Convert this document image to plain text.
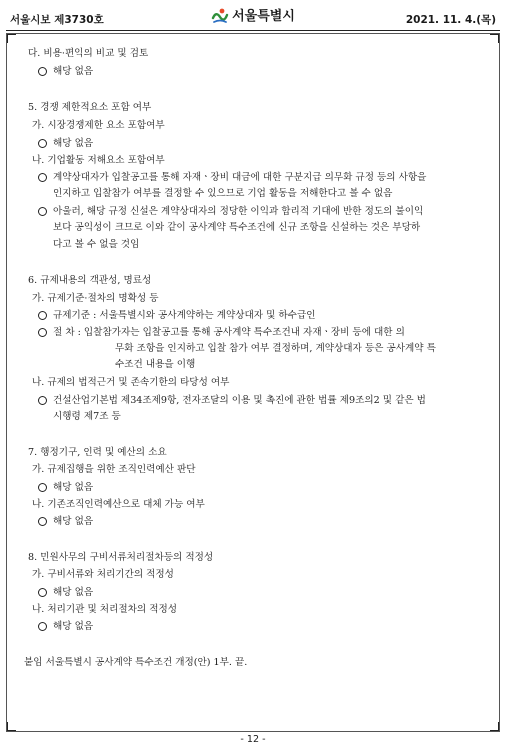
서울시보 제3730호	서울특별시	2021. 11. 4.(목)
다. 비용·편익의 비교 및 검토
해당 없음
5. 경쟁 제한적요소 포함 여부
가. 시장경쟁제한 요소 포함여부
해당 없음
나. 기업활동 저해요소 포함여부
계약상대자가 입찰공고를 통해 자재ㆍ장비 대금에 대한 구분지급 의무화 규정 등의 사항을
인지하고 입찰참가 여부를 결정할 수 있으므로 기업 활동을 저해한다고 볼 수 없음
아울러, 해당 규정 신설은 계약상대자의 정당한 이익과 합리적 기대에 반한 정도의 불이익
보다 공익성이 크므로 이와 같이 공사계약 특수조건에 신규 조항을 신설하는 것은 부당하
다고 볼 수 없을 것임
6. 규제내용의 객관성, 명료성
가. 규제기준·절차의 명확성 등
규제기준 : 서울특별시와 공사계약하는 계약상대자 및 하수급인
절 차 : 입찰참가자는 입찰공고를 통해 공사계약 특수조건내 자재ㆍ장비 등에 대한 의
무화 조항을 인지하고 입찰 참가 여부 결정하며, 계약상대자 등은 공사계약 특
수조건 내용을 이행
나. 규제의 법적근거 및 존속기한의 타당성 여부
건설산업기본법 제34조제9항, 전자조달의 이용 및 촉진에 관한 법률 제9조의2 및 같은 법
시행령 제7조 등
7. 행정기구, 인력 및 예산의 소요
가. 규제집행을 위한 조직인력예산 판단
해당 없음
나. 기존조직인력예산으로 대체 가능 여부
해당 없음
8. 민원사무의 구비서류처리절차등의 적정성
가. 구비서류와 처리기간의 적정성
해당 없음
나. 처리기관 및 처리절차의 적정성
해당 없음
붙임 서울특별시 공사계약 특수조건 개정(안) 1부. 끝.
- 12 -
